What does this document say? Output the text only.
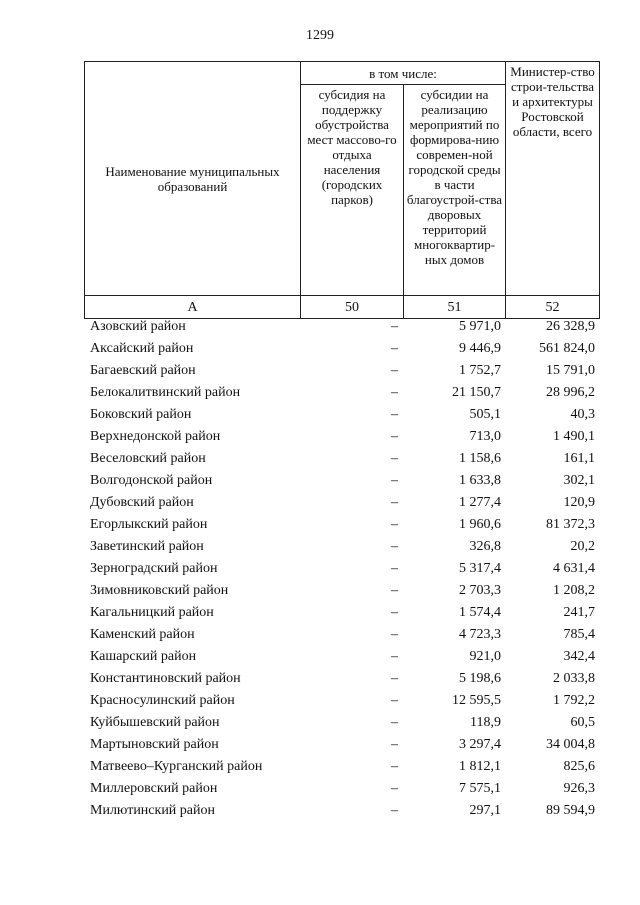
1299
Наименование муниципальных образований	в том числе:		Министер-ство строи-тельства и архитектуры Ростовской области, всего
	субсидия на поддержку обустройства мест массово-го отдыха населения (городских парков)	субсидии на реализацию мероприятий по формирова-нию современ-ной городской среды в части благоустрой-ства дворовых территорий многоквартир-ных домов	
А	50	51	52
Азовский район	–	5 971,0	26 328,9
Аксайский район	–	9 446,9	561 824,0
Багаевский район	–	1 752,7	15 791,0
Белокалитвинский район	–	21 150,7	28 996,2
Боковский район	–	505,1	40,3
Верхнедонской район	–	713,0	1 490,1
Веселовский район	–	1 158,6	161,1
Волгодонской район	–	1 633,8	302,1
Дубовский район	–	1 277,4	120,9
Егорлыкский район	–	1 960,6	81 372,3
Заветинский район	–	326,8	20,2
Зерноградский район	–	5 317,4	4 631,4
Зимовниковский район	–	2 703,3	1 208,2
Кагальницкий район	–	1 574,4	241,7
Каменский район	–	4 723,3	785,4
Кашарский район	–	921,0	342,4
Константиновский район	–	5 198,6	2 033,8
Красносулинский район	–	12 595,5	1 792,2
Куйбышевский район	–	118,9	60,5
Мартыновский район	–	3 297,4	34 004,8
Матвеево–Курганский район	–	1 812,1	825,6
Миллеровский район	–	7 575,1	926,3
Милютинский район	–	297,1	89 594,9
